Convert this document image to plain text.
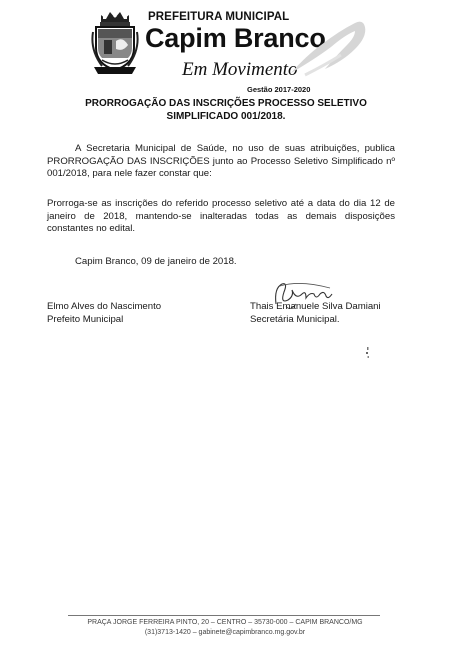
PREFEITURA MUNICIPAL
Capim Branco
Em Movimento
Gestão 2017-2020
PRORROGAÇÃO DAS INSCRIÇÕES PROCESSO SELETIVO
SIMPLIFICADO 001/2018.
A Secretaria Municipal de Saúde, no uso de suas atribuições, publica PRORROGAÇÃO DAS INSCRIÇÕES junto ao Processo Seletivo Simplificado nº 001/2018, para nele fazer constar que:
Prorroga-se as inscrições do referido processo seletivo até a data do dia 12 de janeiro de 2018, mantendo-se inalteradas todas as demais disposições constantes no edital.
Capim Branco, 09 de janeiro de 2018.
Elmo Alves do Nascimento
Prefeito Municipal
Thais Emanuele Silva Damiani
Secretária Municipal.
PRAÇA JORGE FERREIRA PINTO, 20 – CENTRO – 35730-000 – CAPIM BRANCO/MG
(31)3713-1420 – gabinete@capimbranco.mg.gov.br
